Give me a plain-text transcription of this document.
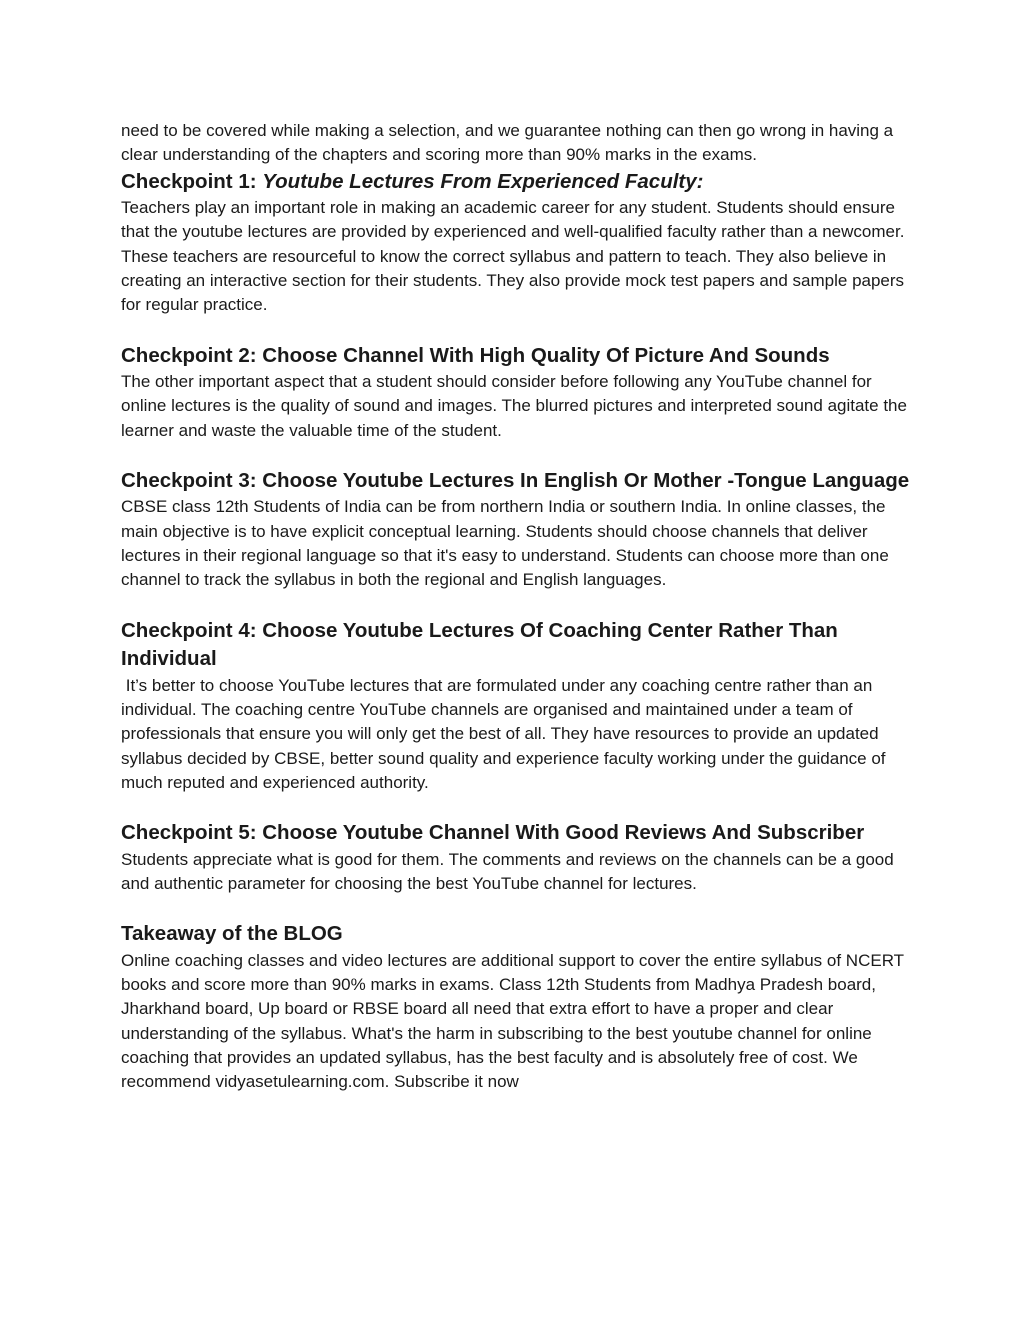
need to be covered while making a selection, and we guarantee nothing can then go wrong in having a clear understanding of the chapters and scoring more than 90% marks in the exams.

Checkpoint 1: Youtube Lectures From Experienced Faculty:

Teachers play an important role in making an academic career for any student. Students should ensure that the youtube lectures are provided by experienced and well-qualified faculty rather than a newcomer. These teachers are resourceful to know the correct syllabus and pattern to teach. They also believe in creating an interactive section for their students. They also provide mock test papers and sample papers for regular practice.

Checkpoint 2: Choose Channel With High Quality Of Picture And Sounds

The other important aspect that a student should consider before following any YouTube channel for online lectures is the quality of sound and images. The blurred pictures and interpreted sound agitate the learner and waste the valuable time of the student.

Checkpoint 3: Choose Youtube Lectures In English Or Mother -Tongue Language

CBSE class 12th Students of India can be from northern India or southern India. In online classes, the main objective is to have explicit conceptual learning. Students should choose channels that deliver lectures in their regional language so that it's easy to understand. Students can choose more than one channel to track the syllabus in both the regional and English languages.

Checkpoint 4: Choose Youtube Lectures Of Coaching Center Rather Than Individual

It’s better to choose YouTube lectures that are formulated under any coaching centre rather than an individual. The coaching centre YouTube channels are organised and maintained under a team of professionals that ensure you will only get the best of all. They have resources to provide an updated syllabus decided by CBSE, better sound quality and experience faculty working under the guidance of much reputed and experienced authority.

Checkpoint 5: Choose Youtube Channel With Good Reviews And Subscriber

Students appreciate what is good for them. The comments and reviews on the channels can be a good and authentic parameter for choosing the best YouTube channel for lectures.

Takeaway of the BLOG

Online coaching classes and video lectures are additional support to cover the entire syllabus of NCERT books and score more than 90% marks in exams. Class 12th Students from Madhya Pradesh board, Jharkhand board, Up board or RBSE board all need that extra effort to have a proper and clear understanding of the syllabus. What's the harm in subscribing to the best youtube channel for online coaching that provides an updated syllabus, has the best faculty and is absolutely free of cost. We recommend vidyasetulearning.com. Subscribe it now
